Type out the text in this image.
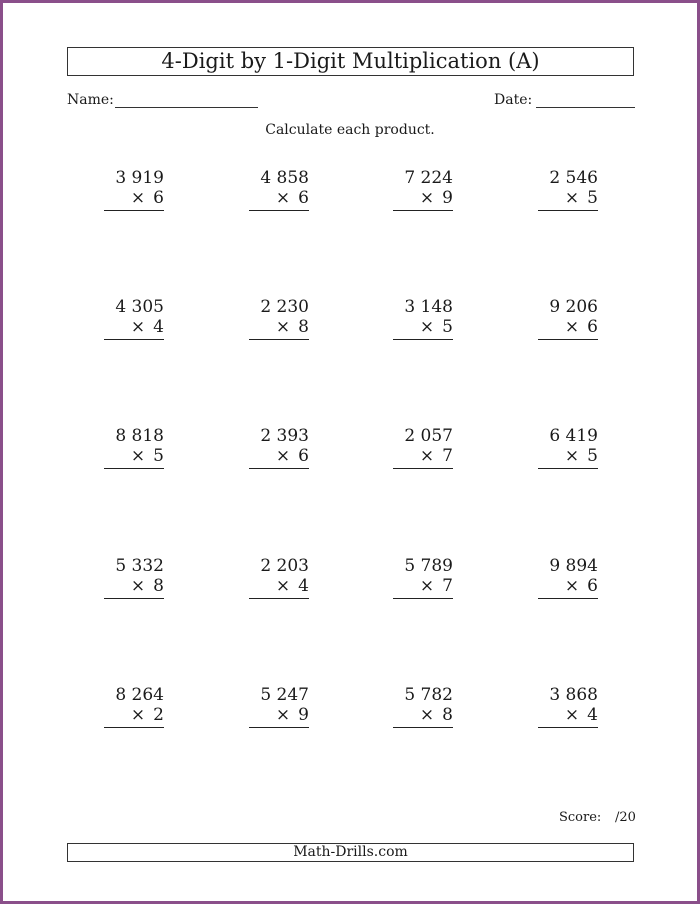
4-Digit by 1-Digit Multiplication (A)
Name:	Date:
Calculate each product.
3 919
× 6
4 858
× 6
7 224
× 9
2 546
× 5
4 305
× 4
2 230
× 8
3 148
× 5
9 206
× 6
8 818
× 5
2 393
× 6
2 057
× 7
6 419
× 5
5 332
× 8
2 203
× 4
5 789
× 7
9 894
× 6
8 264
× 2
5 247
× 9
5 782
× 8
3 868
× 4
Score: /20
Math-Drills.com
